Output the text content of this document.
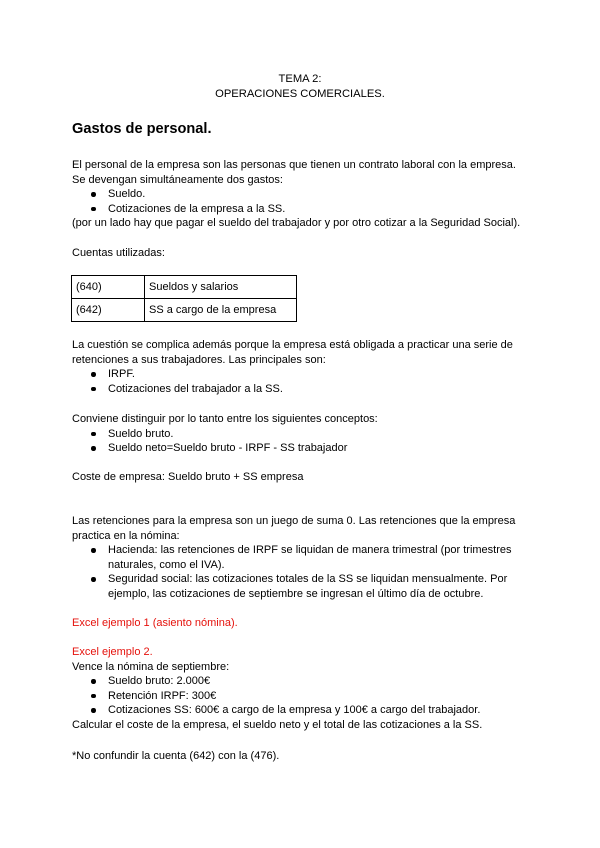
TEMA 2:
OPERACIONES COMERCIALES.
Gastos de personal.
El personal de la empresa son las personas que tienen un contrato laboral con la empresa.
Se devengan simultáneamente dos gastos:
Sueldo.
Cotizaciones de la empresa a la SS.
(por un lado hay que pagar el sueldo del trabajador y por otro cotizar a la Seguridad Social).
Cuentas utilizadas:
(640)	Sueldos y salarios
(642)	SS a cargo de la empresa
La cuestión se complica además porque la empresa está obligada a practicar una serie de
retenciones a sus trabajadores. Las principales son:
IRPF.
Cotizaciones del trabajador a la SS.
Conviene distinguir por lo tanto entre los siguientes conceptos:
Sueldo bruto.
Sueldo neto=Sueldo bruto - IRPF - SS trabajador
Coste de empresa: Sueldo bruto + SS empresa
Las retenciones para la empresa son un juego de suma 0. Las retenciones que la empresa
practica en la nómina:
Hacienda: las retenciones de IRPF se liquidan de manera trimestral (por trimestres
naturales, como el IVA).
Seguridad social: las cotizaciones totales de la SS se liquidan mensualmente. Por
ejemplo, las cotizaciones de septiembre se ingresan el último día de octubre.
Excel ejemplo 1 (asiento nómina).
Excel ejemplo 2.
Vence la nómina de septiembre:
Sueldo bruto: 2.000€
Retención IRPF: 300€
Cotizaciones SS: 600€ a cargo de la empresa y 100€ a cargo del trabajador.
Calcular el coste de la empresa, el sueldo neto y el total de las cotizaciones a la SS.
*No confundir la cuenta (642) con la (476).
